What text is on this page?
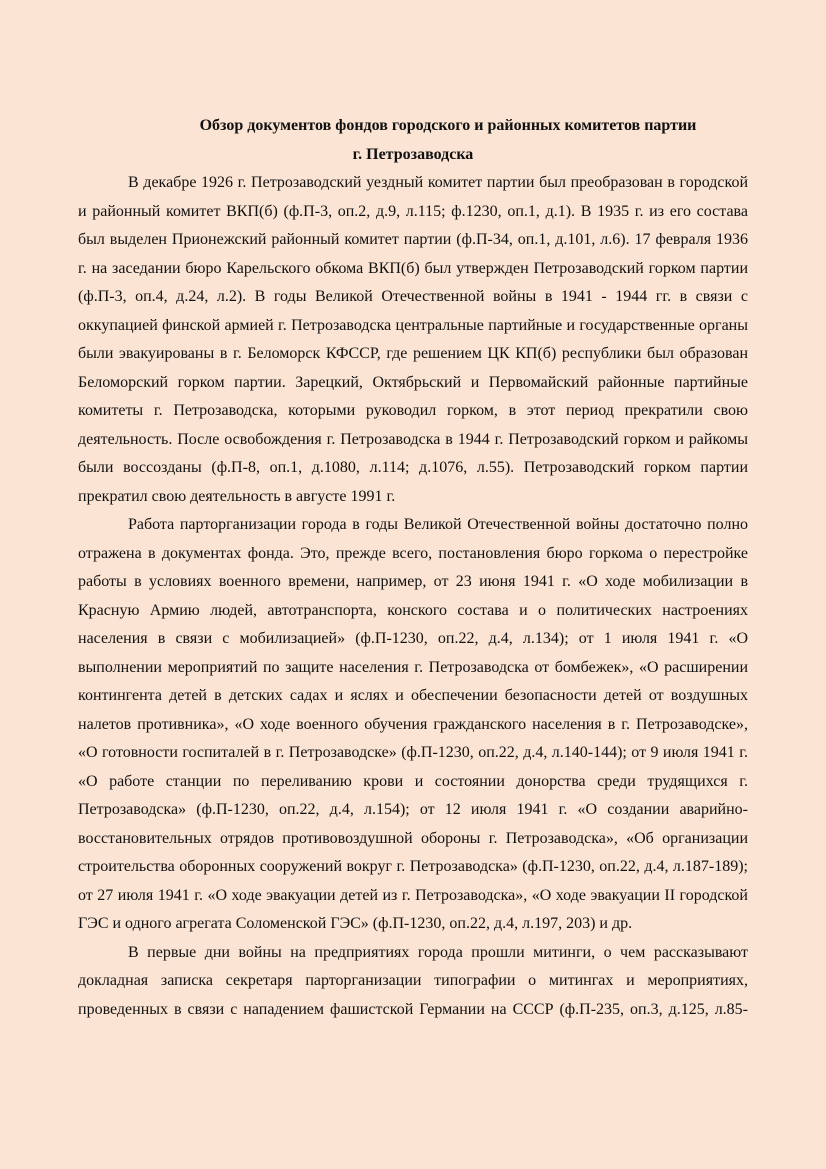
Обзор документов фондов городского и районных комитетов партии
г. Петрозаводска

В декабре 1926 г. Петрозаводский уездный комитет партии был преобразован в городской и районный комитет ВКП(б) (ф.П-3, оп.2, д.9, л.115; ф.1230, оп.1, д.1). В 1935 г. из его состава был выделен Прионежский районный комитет партии (ф.П-34, оп.1, д.101, л.6). 17 февраля 1936 г. на заседании бюро Карельского обкома ВКП(б) был утвержден Петрозаводский горком партии (ф.П-3, оп.4, д.24, л.2). В годы Великой Отечественной войны в 1941 - 1944 гг. в связи с оккупацией финской армией г. Петрозаводска центральные партийные и государственные органы были эвакуированы в г. Беломорск КФССР, где решением ЦК КП(б) республики был образован Беломорский горком партии. Зарецкий, Октябрьский и Первомайский районные партийные комитеты г. Петрозаводска, которыми руководил горком, в этот период прекратили свою деятельность. После освобождения г. Петрозаводска в 1944 г. Петрозаводский горком и райкомы были воссозданы (ф.П-8, оп.1, д.1080, л.114; д.1076, л.55). Петрозаводский горком партии прекратил свою деятельность в августе 1991 г.

Работа парторганизации города в годы Великой Отечественной войны достаточно полно отражена в документах фонда. Это, прежде всего, постановления бюро горкома о перестройке работы в условиях военного времени, например, от 23 июня 1941 г. «О ходе мобилизации в Красную Армию людей, автотранспорта, конского состава и о политических настроениях населения в связи с мобилизацией» (ф.П-1230, оп.22, д.4, л.134); от 1 июля 1941 г. «О выполнении мероприятий по защите населения г. Петрозаводска от бомбежек», «О расширении контингента детей в детских садах и яслях и обеспечении безопасности детей от воздушных налетов противника», «О ходе военного обучения гражданского населения в г. Петрозаводске», «О готовности госпиталей в г. Петрозаводске» (ф.П-1230, оп.22, д.4, л.140-144); от 9 июля 1941 г. «О работе станции по переливанию крови и состоянии донорства среди трудящихся г. Петрозаводска» (ф.П-1230, оп.22, д.4, л.154); от 12 июля 1941 г. «О создании аварийно-восстановительных отрядов противовоздушной обороны г. Петрозаводска», «Об организации строительства оборонных сооружений вокруг г. Петрозаводска» (ф.П-1230, оп.22, д.4, л.187-189); от 27 июля 1941 г. «О ходе эвакуации детей из г. Петрозаводска», «О ходе эвакуации II городской ГЭС и одного агрегата Соломенской ГЭС» (ф.П-1230, оп.22, д.4, л.197, 203) и др.

В первые дни войны на предприятиях города прошли митинги, о чем рассказывают докладная записка секретаря парторганизации типографии о митингах и мероприятиях, проведенных в связи с нападением фашистской Германии на СССР (ф.П-235, оп.3, д.125, л.85-
